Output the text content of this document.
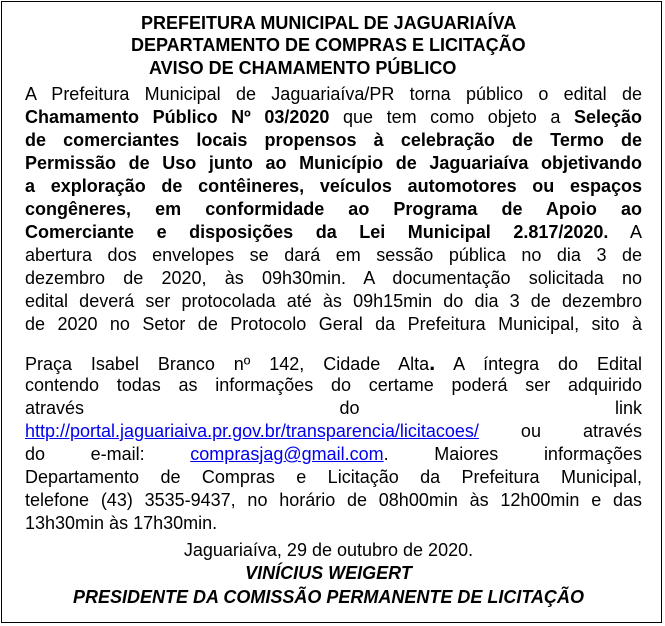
PREFEITURA MUNICIPAL DE JAGUARIAÍVA
DEPARTAMENTO DE COMPRAS E LICITAÇÃO
AVISO DE CHAMAMENTO PÚBLICO
A Prefeitura Municipal de Jaguariaíva/PR torna público o edital de
Chamamento Público Nº 03/2020 que tem como objeto a Seleção
de comerciantes locais propensos à celebração de Termo de
Permissão de Uso junto ao Município de Jaguariaíva objetivando
a exploração de contêineres, veículos automotores ou espaços
congêneres, em conformidade ao Programa de Apoio ao
Comerciante e disposições da Lei Municipal 2.817/2020. A
abertura dos envelopes se dará em sessão pública no dia 3 de
dezembro de 2020, às 09h30min. A documentação solicitada no
edital deverá ser protocolada até às 09h15min do dia 3 de dezembro
de 2020 no Setor de Protocolo Geral da Prefeitura Municipal, sito à
Praça Isabel Branco nº 142, Cidade Alta. A íntegra do Edital
contendo todas as informações do certame poderá ser adquirido
através	do	link
http://portal.jaguariaiva.pr.gov.br/transparencia/licitacoes/ ou através
do	e-mail:	comprasjag@gmail.com.	Maiores	informações
Departamento de Compras e Licitação da Prefeitura Municipal,
telefone (43) 3535-9437, no horário de 08h00min às 12h00min e das
13h30min às 17h30min.
Jaguariaíva, 29 de outubro de 2020.
VINÍCIUS WEIGERT
PRESIDENTE DA COMISSÃO PERMANENTE DE LICITAÇÃO
